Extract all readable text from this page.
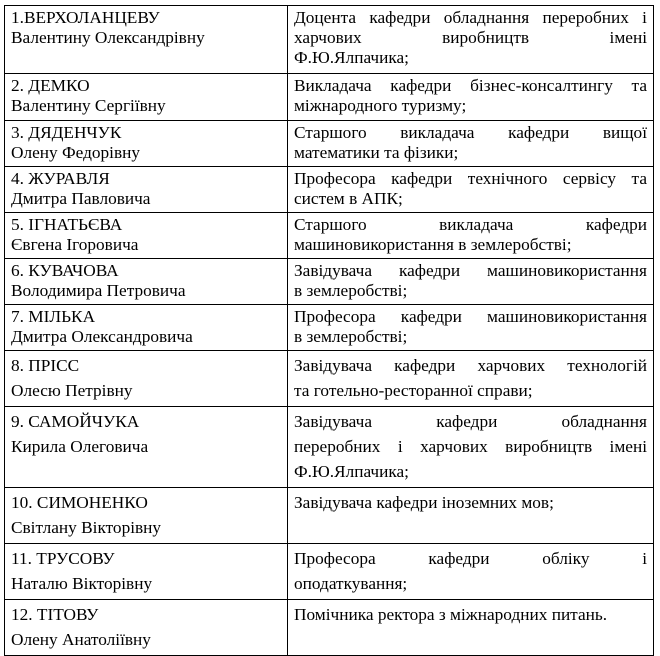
1.ВЕРХОЛАНЦЕВУ
Валентину Олександрівну	Доцента кафедри обладнання переробних і
харчових виробництв імені
Ф.Ю.Ялпачика;

2. ДЕМКО
Валентину Сергіївну	Викладача кафедри бізнес-консалтингу та
міжнародного туризму;

3. ДЯДЕНЧУК
Олену Федорівну	Старшого викладача кафедри вищої
математики та фізики;

4. ЖУРАВЛЯ
Дмитра Павловича	Професора кафедри технічного сервісу та
систем в АПК;

5. ІГНАТЬЄВА
Євгена Ігоровича	Старшого викладача кафедри
машиновикористання в землеробстві;

6. КУВАЧОВА
Володимира Петровича	Завідувача кафедри машиновикористання
в землеробстві;

7. МІЛЬКА
Дмитра Олександровича	Професора кафедри машиновикористання
в землеробстві;

8. ПРІСС
Олесю Петрівну	Завідувача кафедри харчових технологій
та готельно-ресторанної справи;

9. САМОЙЧУКА
Кирила Олеговича	Завідувача кафедри обладнання
переробних і харчових виробництв імені
Ф.Ю.Ялпачика;

10. СИМОНЕНКО
Світлану Вікторівну	Завідувача кафедри іноземних мов;

11. ТРУСОВУ
Наталю Вікторівну	Професора кафедри обліку і
оподаткування;

12. ТІТОВУ
Олену Анатоліївну	Помічника ректора з міжнародних питань.
